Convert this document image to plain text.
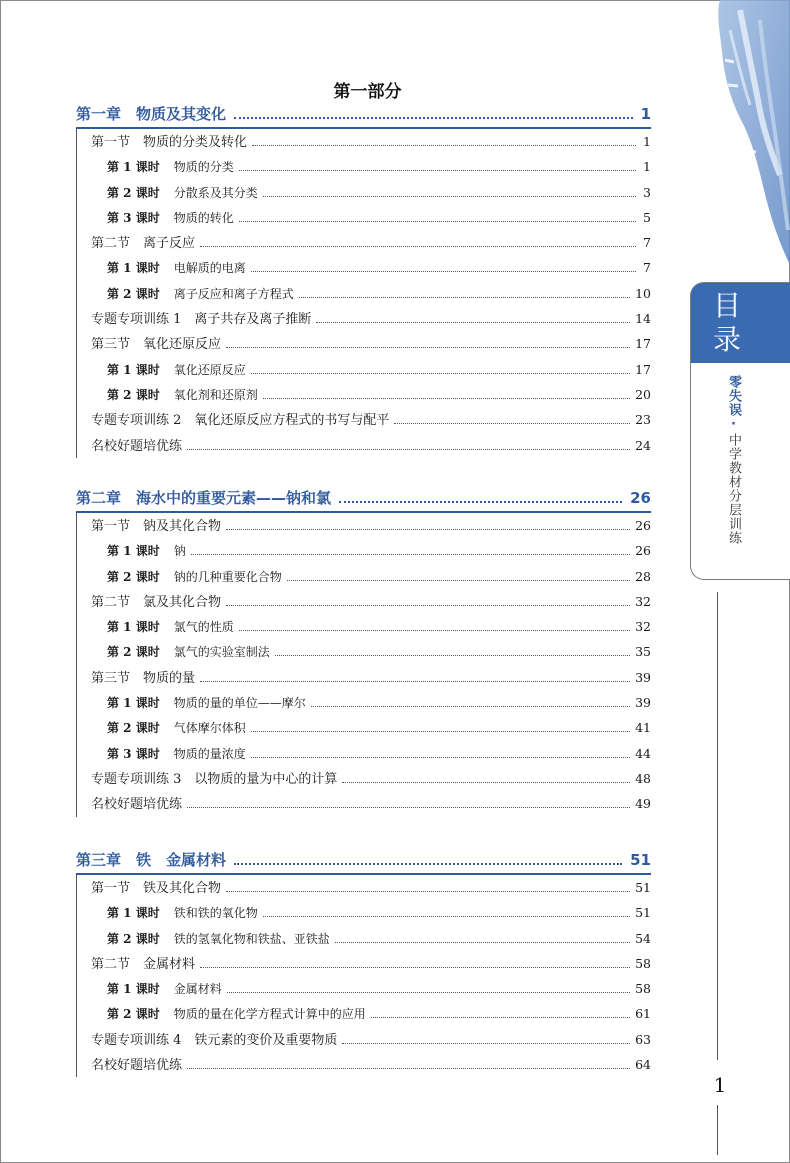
第一部分
第一章　物质及其变化	1
第一节　物质的分类及转化	1
第 1 课时 物质的分类	1
第 2 课时 分散系及其分类	3
第 3 课时 物质的转化	5
第二节　离子反应	7
第 1 课时 电解质的电离	7
第 2 课时 离子反应和离子方程式	10
专题专项训练 1　离子共存及离子推断	14
第三节　氧化还原反应	17
第 1 课时 氧化还原反应	17
第 2 课时 氧化剂和还原剂	20
专题专项训练 2　氧化还原反应方程式的书写与配平	23
名校好题培优练	24
第二章　海水中的重要元素——钠和氯	26
第一节　钠及其化合物	26
第 1 课时 钠	26
第 2 课时 钠的几种重要化合物	28
第二节　氯及其化合物	32
第 1 课时 氯气的性质	32
第 2 课时 氯气的实验室制法	35
第三节　物质的量	39
第 1 课时 物质的量的单位——摩尔	39
第 2 课时 气体摩尔体积	41
第 3 课时 物质的量浓度	44
专题专项训练 3　以物质的量为中心的计算	48
名校好题培优练	49
第三章　铁　金属材料	51
第一节　铁及其化合物	51
第 1 课时 铁和铁的氧化物	51
第 2 课时 铁的氢氧化物和铁盐、亚铁盐	54
第二节　金属材料	58
第 1 课时 金属材料	58
第 2 课时 物质的量在化学方程式计算中的应用	61
专题专项训练 4　铁元素的变价及重要物质	63
名校好题培优练	64
目
录
零失误·中学教材分层训练
1
